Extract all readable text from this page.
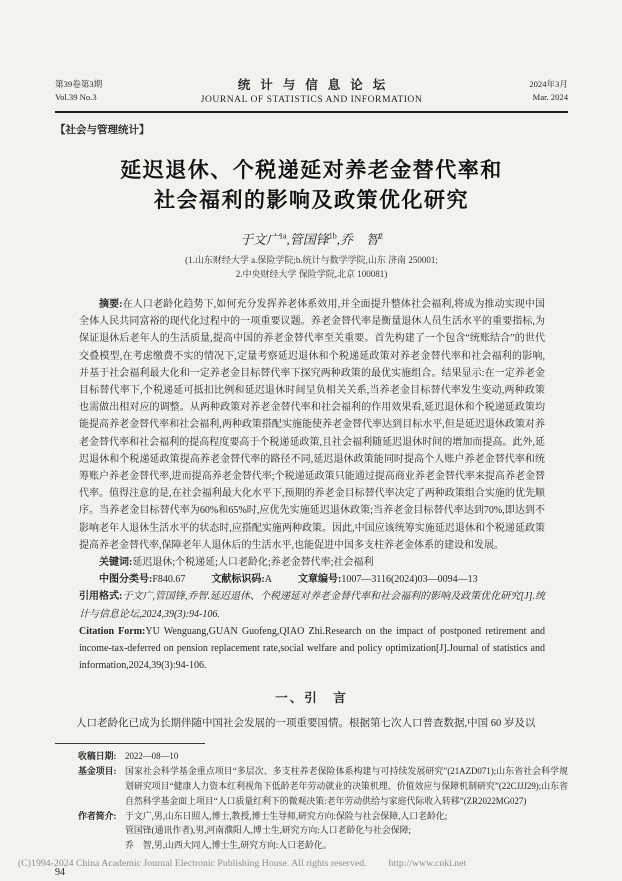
第39卷第3期
Vol.39 No.3
统计与信息论坛
JOURNAL OF STATISTICS AND INFORMATION
2024年3月
Mar. 2024
【社会与管理统计】
延迟退休、个税递延对养老金替代率和
社会福利的影响及政策优化研究
于文广$^{1a}$,管国锋$^{1b}$,乔　智$^2$
(1.山东财经大学 a.保险学院;b.统计与数学学院,山东 济南 250001;
2.中央财经大学 保险学院,北京 100081)
摘要:在人口老龄化趋势下,如何充分发挥养老体系效用,并全面提升整体社会福利,将成为推动实现中国全体人民共同富裕的现代化过程中的一项重要议题。养老金替代率是衡量退休人员生活水平的重要指标,为保证退休后老年人的生活质量,提高中国的养老金替代率至关重要。首先构建了一个包含“统账结合”的世代交叠模型,在考虑缴费不实的情况下,定量考察延迟退休和个税递延政策对养老金替代率和社会福利的影响,并基于社会福利最大化和一定养老金目标替代率下探究两种政策的最优实施组合。结果显示:在一定养老金目标替代率下,个税递延可抵扣比例和延迟退休时间呈负相关关系,当养老金目标替代率发生变动,两种政策也需做出相对应的调整。从两种政策对养老金替代率和社会福利的作用效果看,延迟退休和个税递延政策均能提高养老金替代率和社会福利,两种政策搭配实施能使养老金替代率达到目标水平,但是延迟退休政策对养老金替代率和社会福利的提高程度要高于个税递延政策,且社会福利随延迟退休时间的增加而提高。此外,延迟退休和个税递延政策提高养老金替代率的路径不同,延迟退休政策能同时提高个人账户养老金替代率和统筹账户养老金替代率,进而提高养老金替代率;个税递延政策只能通过提高商业养老金替代率来提高养老金替代率。值得注意的是,在社会福利最大化水平下,预期的养老金目标替代率决定了两种政策组合实施的优先顺序。当养老金目标替代率为60%和65%时,应优先实施延迟退休政策;当养老金目标替代率达到70%,即达到不影响老年人退休生活水平的状态时,应搭配实施两种政策。因此,中国应该统筹实施延迟退休和个税递延政策提高养老金替代率,保障老年人退休后的生活水平,也能促进中国多支柱养老金体系的建设和发展。
关键词:延迟退休;个税递延;人口老龄化;养老金替代率;社会福利
中图分类号:F840.67	文献标识码:A	文章编号:1007—3116(2024)03—0094—13
引用格式:于文广,管国锋,乔智.延迟退休、个税递延对养老金替代率和社会福利的影响及政策优化研究[J].统计与信息论坛,2024,39(3):94-106.
Citation Form:YU Wenguang,GUAN Guofeng,QIAO Zhi.Research on the impact of postponed retirement and income-tax-deferred on pension replacement rate,social welfare and policy optimization[J].Journal of statistics and information,2024,39(3):94-106.
一、引　言
人口老龄化已成为长期伴随中国社会发展的一项重要国情。根据第七次人口普查数据,中国 60 岁及以
收稿日期: 2022—08—10
基金项目: 国家社会科学基金重点项目“多层次、多支柱养老保险体系构建与可持续发展研究”(21AZD071);山东省社会科学规划研究项目“健康人力资本红利视角下低龄老年劳动就业的决策机理、价值效应与保障机制研究”(22CJJJ29);山东省自然科学基金面上项目“人口质量红利下的微观决策:老年劳动供给与家庭代际收入转移”(ZR2022MG027)
作者简介: 于文广,男,山东日照人,博士,教授,博士生导师,研究方向:保险与社会保障,人口老龄化;
管国锋(通讯作者),男,河南濮阳人,博士生,研究方向:人口老龄化与社会保障;
乔　智,男,山西大同人,博士生,研究方向:人口老龄化。
94
(C)1994-2024 China Academic Journal Electronic Publishing House. All rights reserved. http://www.cnki.net
